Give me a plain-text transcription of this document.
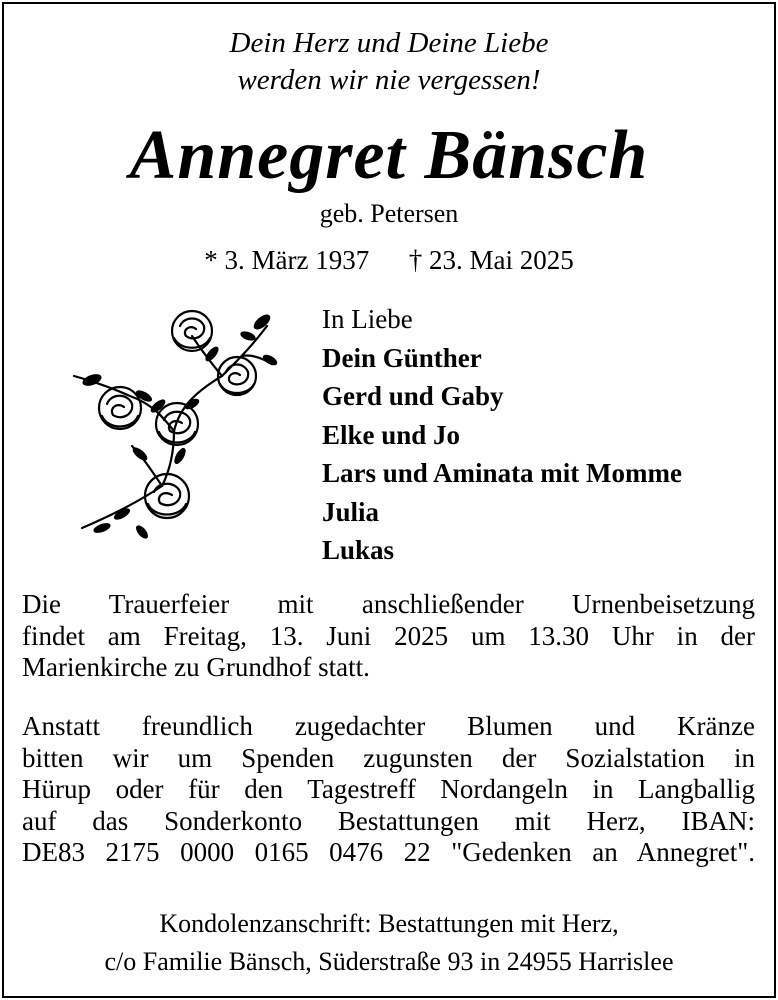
Dein Herz und Deine Liebe
werden wir nie vergessen!
Annegret Bänsch
geb. Petersen
* 3. März 1937 † 23. Mai 2025
In Liebe
Dein Günther
Gerd und Gaby
Elke und Jo
Lars und Aminata mit Momme
Julia
Lukas
Die Trauerfeier mit anschließender Urnenbeisetzung
findet am Freitag, 13. Juni 2025 um 13.30 Uhr in der
Marienkirche zu Grundhof statt.
Anstatt freundlich zugedachter Blumen und Kränze
bitten wir um Spenden zugunsten der Sozialstation in
Hürup oder für den Tagestreff Nordangeln in Langballig
auf das Sonderkonto Bestattungen mit Herz, IBAN:
DE83 2175 0000 0165 0476 22 "Gedenken an Annegret".
Kondolenzanschrift: Bestattungen mit Herz,
c/o Familie Bänsch, Süderstraße 93 in 24955 Harrislee
